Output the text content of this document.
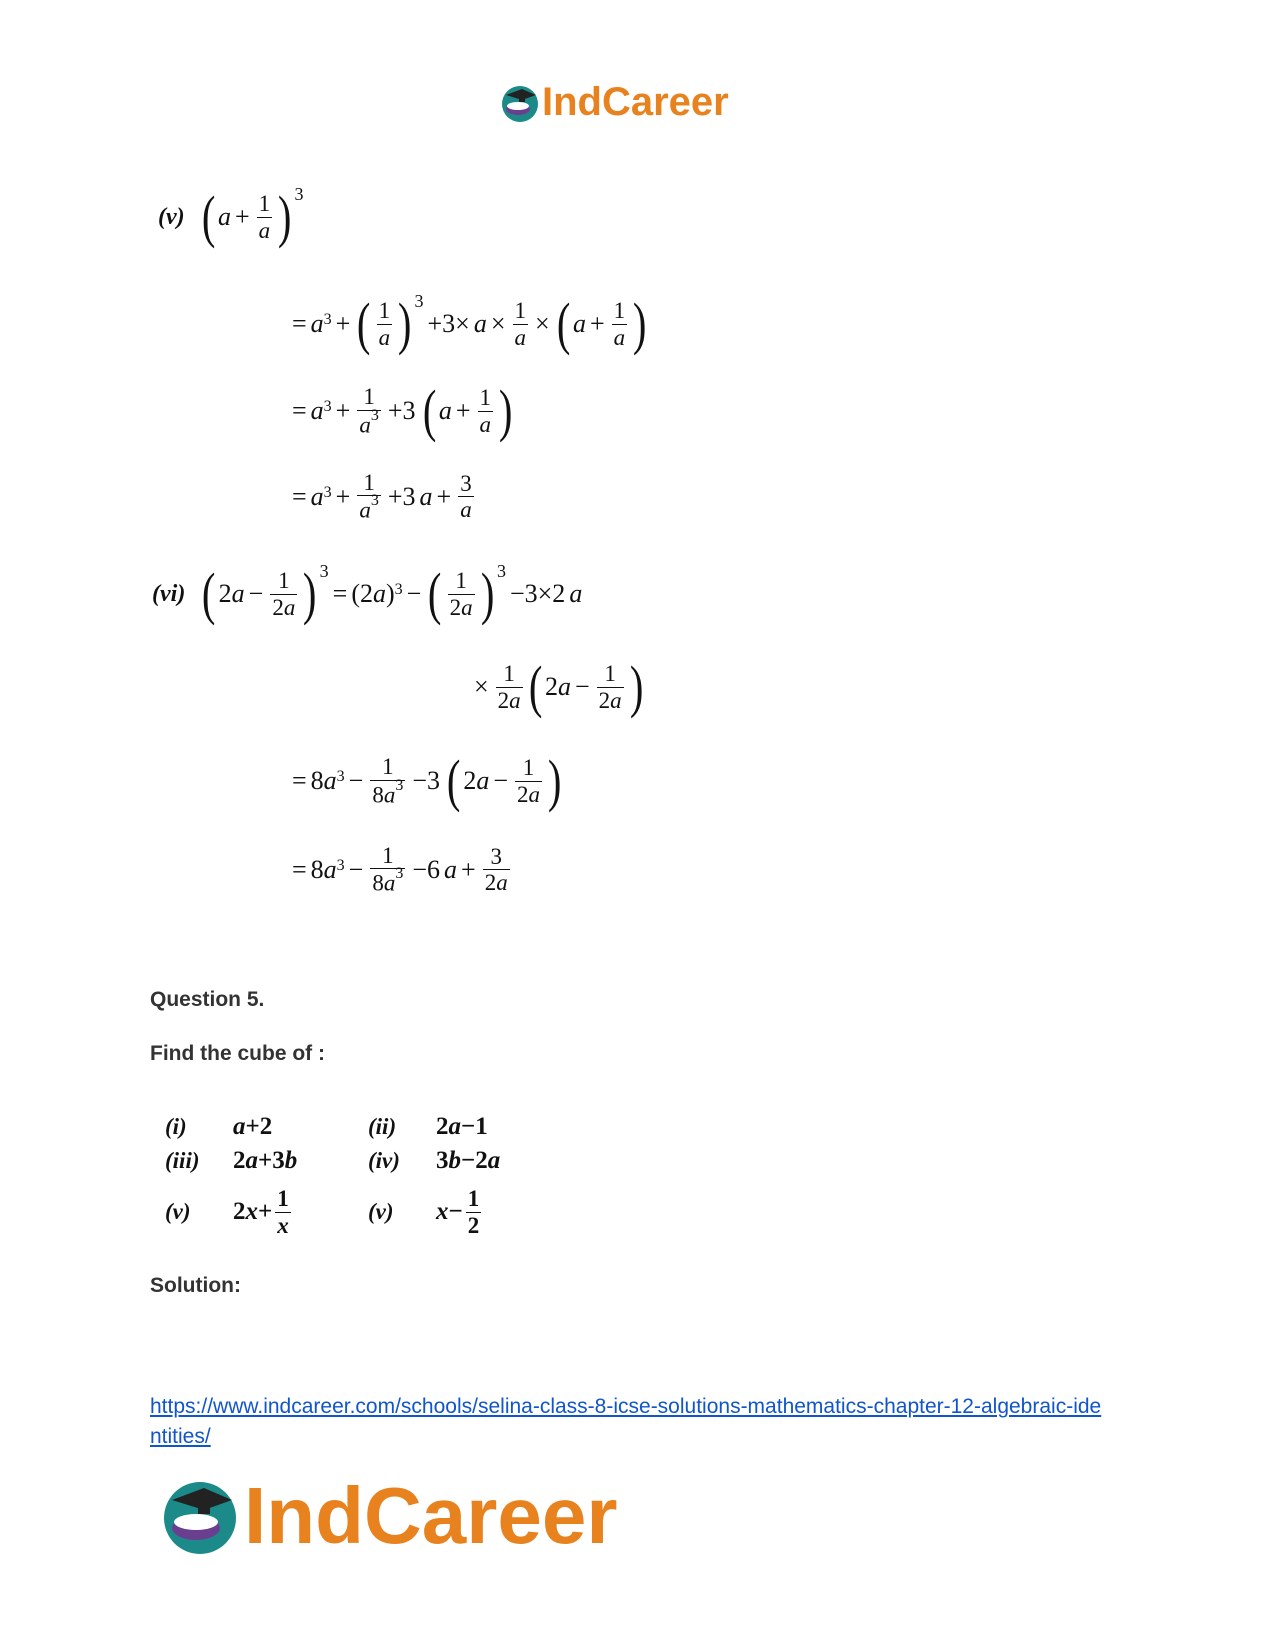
IndCareer
(v) ( $a + \frac{1}{a}$ ) 3
= $a^3$ + ( $\frac{1}{a}$ ) 3
$+3\times a \times \frac{1}{a}$ × ( $a + \frac{1}{a}$ )
= $a^3 + \frac{1}{a^3} +3$ ( $a + \frac{1}{a}$ )
= $a^3 + \frac{1}{a^3} +3$ $a + \frac{3}{a}$
(vi) ( 2 $a - \frac{1}{2a}$ ) 3
= (2 a )$^3$ − ( $\frac{1}{2a}$ ) 3
−3×2 a
× $\frac{1}{2a}$ ( 2 $a - \frac{1}{2a}$ )
= 8 $a^3 - \frac{1}{8a^3} -3$ ( 2 $a - \frac{1}{2a}$ )
= 8 $a^3 - \frac{1}{8a^3} -6$ $a + \frac{3}{2a}$
Question 5.
Find the cube of :
(i)	a+2	(ii)	2a−1
(iii)	2a+3b	(iv)	3b−2a
(v)	2 $x + \frac{1}{x}$	(v)	$x - \frac{1}{2}$
Solution:
https://www.indcareer.com/schools/selina-class-8-icse-solutions-mathematics-chapter-12-algebraic-identities/
IndCareer
